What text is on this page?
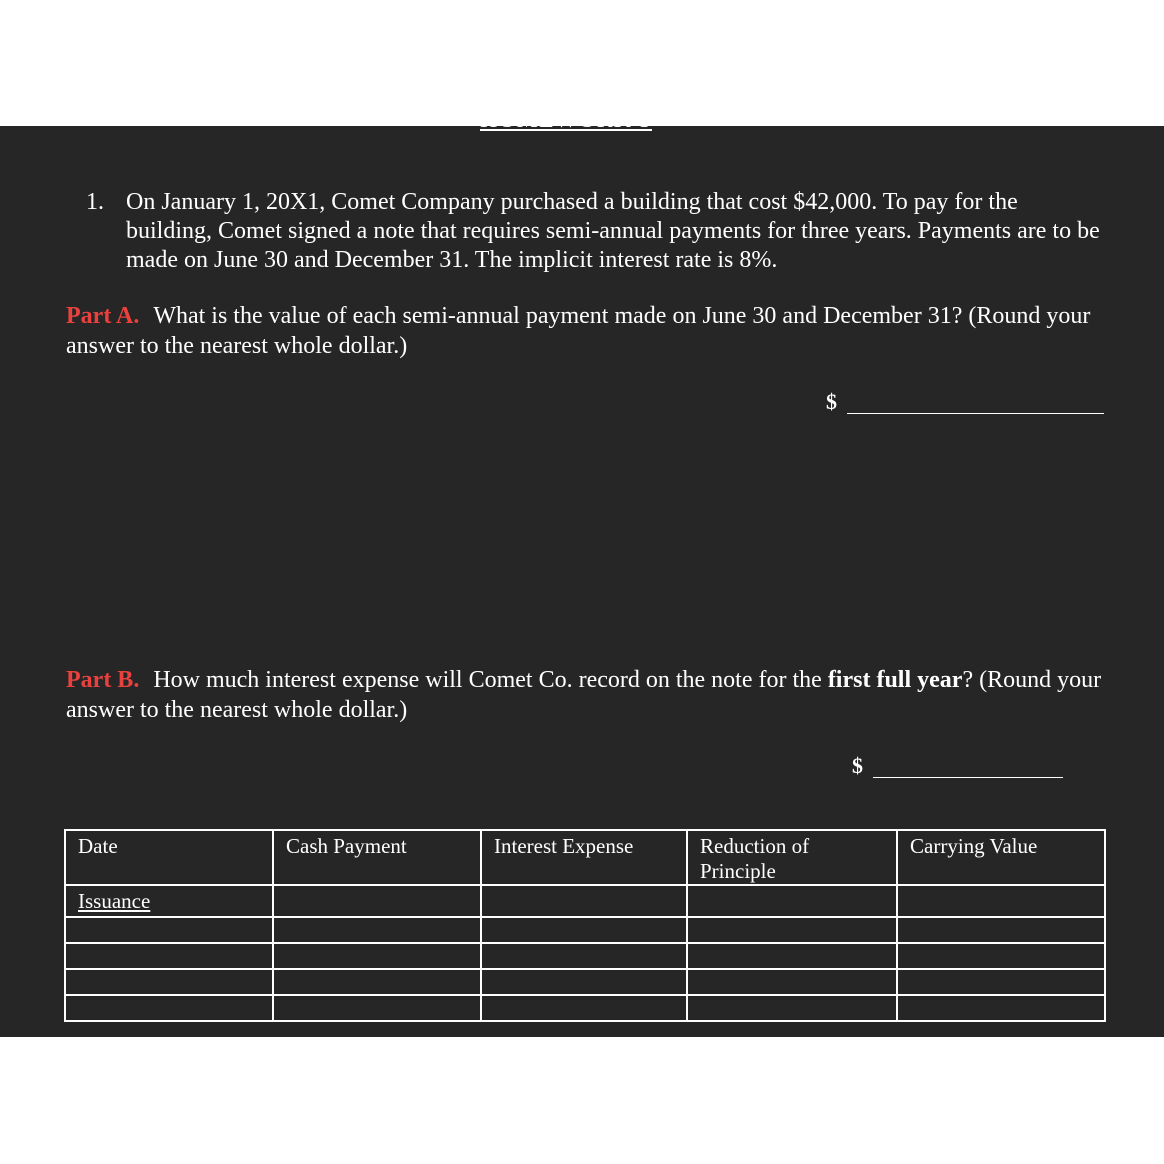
HOMEWORK 5
1. On January 1, 20X1, Comet Company purchased a building that cost $42,000. To pay for the building, Comet signed a note that requires semi-annual payments for three years. Payments are to be made on June 30 and December 31. The implicit interest rate is 8%.
Part A. What is the value of each semi-annual payment made on June 30 and December 31? (Round your answer to the nearest whole dollar.)
$
Part B. How much interest expense will Comet Co. record on the note for the first full year? (Round your answer to the nearest whole dollar.)
$
Date	Cash Payment	Interest Expense	Reduction of Principle	Carrying Value
Issuance				
